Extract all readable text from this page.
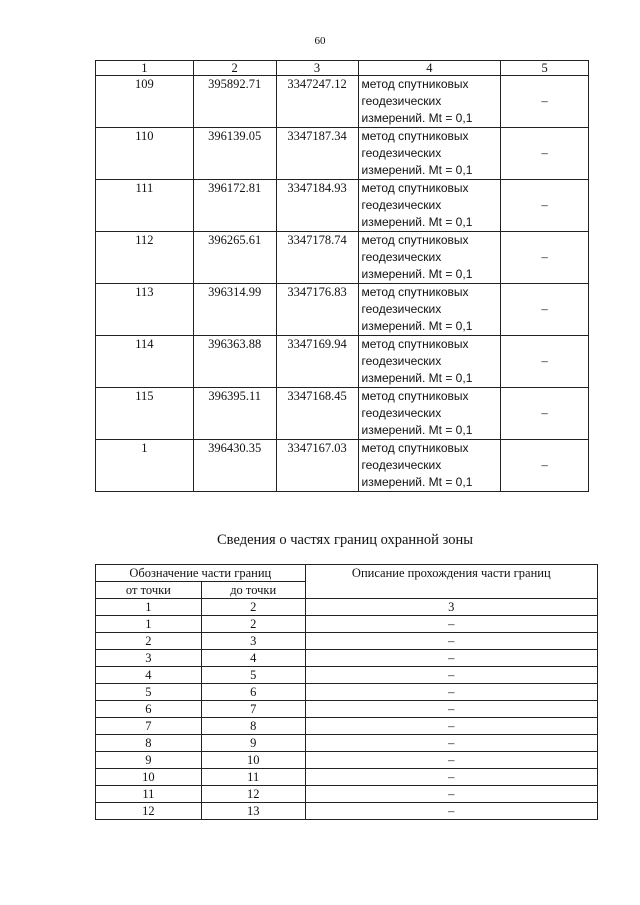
60
1	2	3	4	5
109	395892.71	3347247.12	метод спутниковых
геодезических
измерений. Mt = 0,1	–
110	396139.05	3347187.34	метод спутниковых
геодезических
измерений. Mt = 0,1	–
111	396172.81	3347184.93	метод спутниковых
геодезических
измерений. Mt = 0,1	–
112	396265.61	3347178.74	метод спутниковых
геодезических
измерений. Mt = 0,1	–
113	396314.99	3347176.83	метод спутниковых
геодезических
измерений. Mt = 0,1	–
114	396363.88	3347169.94	метод спутниковых
геодезических
измерений. Mt = 0,1	–
115	396395.11	3347168.45	метод спутниковых
геодезических
измерений. Mt = 0,1	–
1	396430.35	3347167.03	метод спутниковых
геодезических
измерений. Mt = 0,1	–
Сведения о частях границ охранной зоны
Обозначение части границ		Описание прохождения части границ
от точки	до точки	
1	2	3
1	2	–
2	3	–
3	4	–
4	5	–
5	6	–
6	7	–
7	8	–
8	9	–
9	10	–
10	11	–
11	12	–
12	13	–
